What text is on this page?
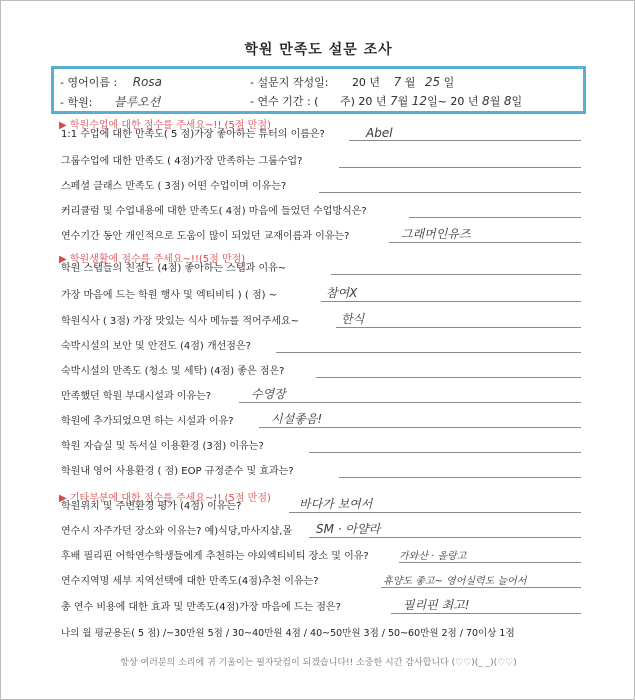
학원 만족도 설문 조사
- 영어이름 : Rosa
- 학원: 블루오션
- 설문지 작성일: 20 년 7 월 25 일
- 연수 기간 : ( 주) 20 년 7월 12일~ 20 년 8월 8일
▶ 학원수업에 대한 점수를 주세요~!! (5점 만점)
1:1 수업에 대한 만족도( 5 점)가장 좋아하는 튜터의 이름은?	Abel
그룹수업에 대한 만족도 ( 4점)가장 만족하는 그룹수업?
스페셜 클래스 만족도 ( 3점) 어떤 수업이며 이유는?
커리큘럼 및 수업내용에 대한 만족도( 4점) 마음에 들었던 수업방식은?
연수기간 동안 개인적으로 도움이 많이 되었던 교재이름과 이유는?	그래머인유즈
▶ 학원생활에 점수를 주세요~!!(5점 만점)
학원 스탭들의 친절도 (4점) 좋아하는 스탭과 이유~
가장 마음에 드는 학원 행사 및 엑티비티 ) ( 점) ~	참여X
학원식사 ( 3점) 가장 맛있는 식사 메뉴를 적어주세요~	한식
숙박시설의 보안 및 안전도 (4점) 개선점은?
숙박시설의 만족도 (청소 및 세탁) (4점) 좋은 점은?
만족했던 학원 부대시설과 이유는?	수영장
학원에 추가되었으면 하는 시설과 이유?	시설좋음!
학원 자습실 및 독서실 이용환경 (3점) 이유는?
학원내 영어 사용환경 ( 점) EOP 규정준수 및 효과는?
▶ 기타부분에 대한 점수를 주세요~!! (5점 만점)
학원위치 및 주변환경 평가 (4점) 이유는?	바다가 보여서
연수시 자주가던 장소와 이유는? 예)식당,마사지샵,몰 SM · 아얄라
후배 필리핀 어학연수학생들에게 추천하는 야외엑티비티 장소 및 이유?	가와산 · 올랑고
연수지역명 세부 지역선택에 대한 만족도(4점)추천 이유는?	휴양도 좋고~ 영어실력도 늘어서
총 연수 비용에 대한 효과 및 만족도(4점)가장 마음에 드는 점은?	필리핀 최고!
나의 월 평균용돈( 5 점) /~30만원 5점 / 30~40만원 4점 / 40~50만원 3점 / 50~60만원 2점 / 70이상 1점
항상 여러분의 소리에 귀 기울이는 필자닷컴이 되겠습니다!! 소중한 시간 감사합니다 (♡♡)(_ _)(♡♡)
